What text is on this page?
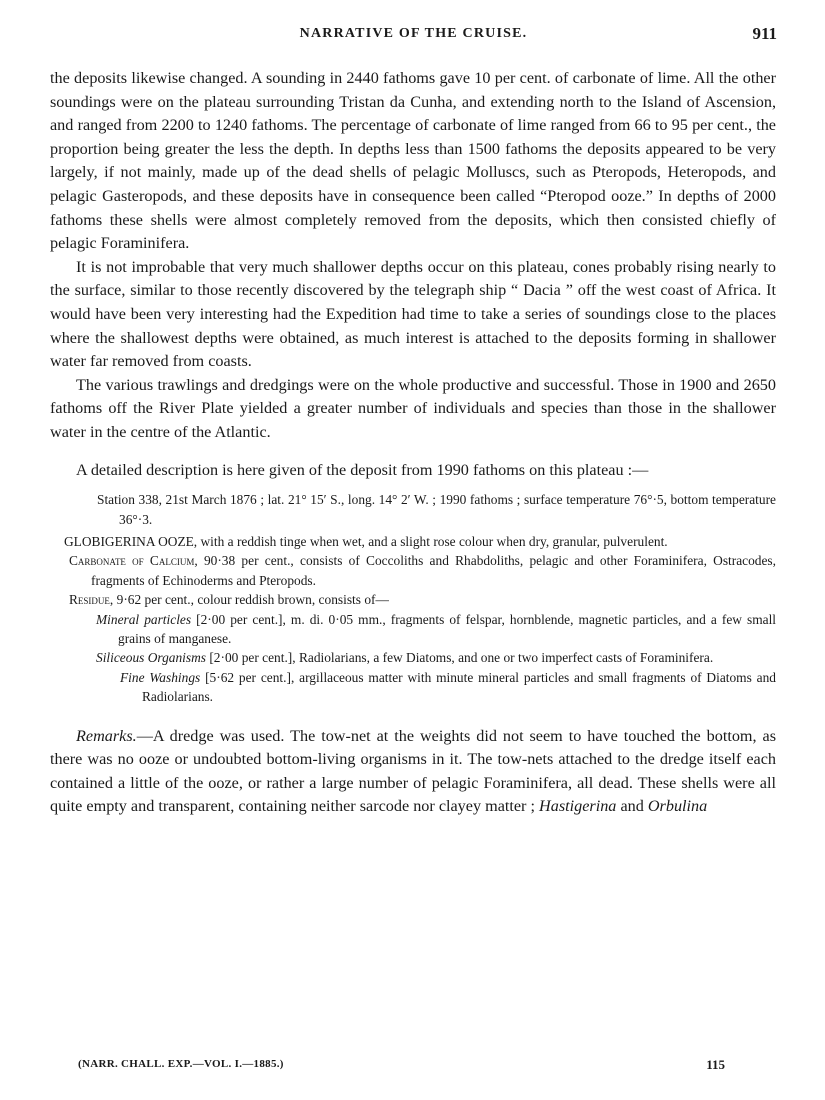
NARRATIVE OF THE CRUISE.	911

the deposits likewise changed. A sounding in 2440 fathoms gave 10 per cent. of carbonate of lime. All the other soundings were on the plateau surrounding Tristan da Cunha, and extending north to the Island of Ascension, and ranged from 2200 to 1240 fathoms. The percentage of carbonate of lime ranged from 66 to 95 per cent., the proportion being greater the less the depth. In depths less than 1500 fathoms the deposits appeared to be very largely, if not mainly, made up of the dead shells of pelagic Molluscs, such as Pteropods, Heteropods, and pelagic Gasteropods, and these deposits have in consequence been called “Pteropod ooze.” In depths of 2000 fathoms these shells were almost completely removed from the deposits, which then consisted chiefly of pelagic Foraminifera.

It is not improbable that very much shallower depths occur on this plateau, cones probably rising nearly to the surface, similar to those recently discovered by the telegraph ship “ Dacia ” off the west coast of Africa. It would have been very interesting had the Expedition had time to take a series of soundings close to the places where the shallowest depths were obtained, as much interest is attached to the deposits forming in shallower water far removed from coasts.

The various trawlings and dredgings were on the whole productive and successful. Those in 1900 and 2650 fathoms off the River Plate yielded a greater number of individuals and species than those in the shallower water in the centre of the Atlantic.

A detailed description is here given of the deposit from 1990 fathoms on this plateau :—

Station 338, 21st March 1876 ; lat. 21° 15′ S., long. 14° 2′ W. ; 1990 fathoms ; surface temperature 76°·5, bottom temperature 36°·3.
GLOBIGERINA OOZE, with a reddish tinge when wet, and a slight rose colour when dry, granular, pulverulent.
Carbonate of Calcium, 90·38 per cent., consists of Coccoliths and Rhabdoliths, pelagic and other Foraminifera, Ostracodes, fragments of Echinoderms and Pteropods.
Residue, 9·62 per cent., colour reddish brown, consists of—
Mineral particles [2·00 per cent.], m. di. 0·05 mm., fragments of felspar, hornblende, magnetic particles, and a few small grains of manganese.
Siliceous Organisms [2·00 per cent.], Radiolarians, a few Diatoms, and one or two imperfect casts of Foraminifera.
Fine Washings [5·62 per cent.], argillaceous matter with minute mineral particles and small fragments of Diatoms and Radiolarians.

Remarks.—A dredge was used. The tow-net at the weights did not seem to have touched the bottom, as there was no ooze or undoubted bottom-living organisms in it. The tow-nets attached to the dredge itself each contained a little of the ooze, or rather a large number of pelagic Foraminifera, all dead. These shells were all quite empty and transparent, containing neither sarcode nor clayey matter ; Hastigerina and Orbulina

(NARR. CHALL. EXP.—VOL. I.—1885.)	115
